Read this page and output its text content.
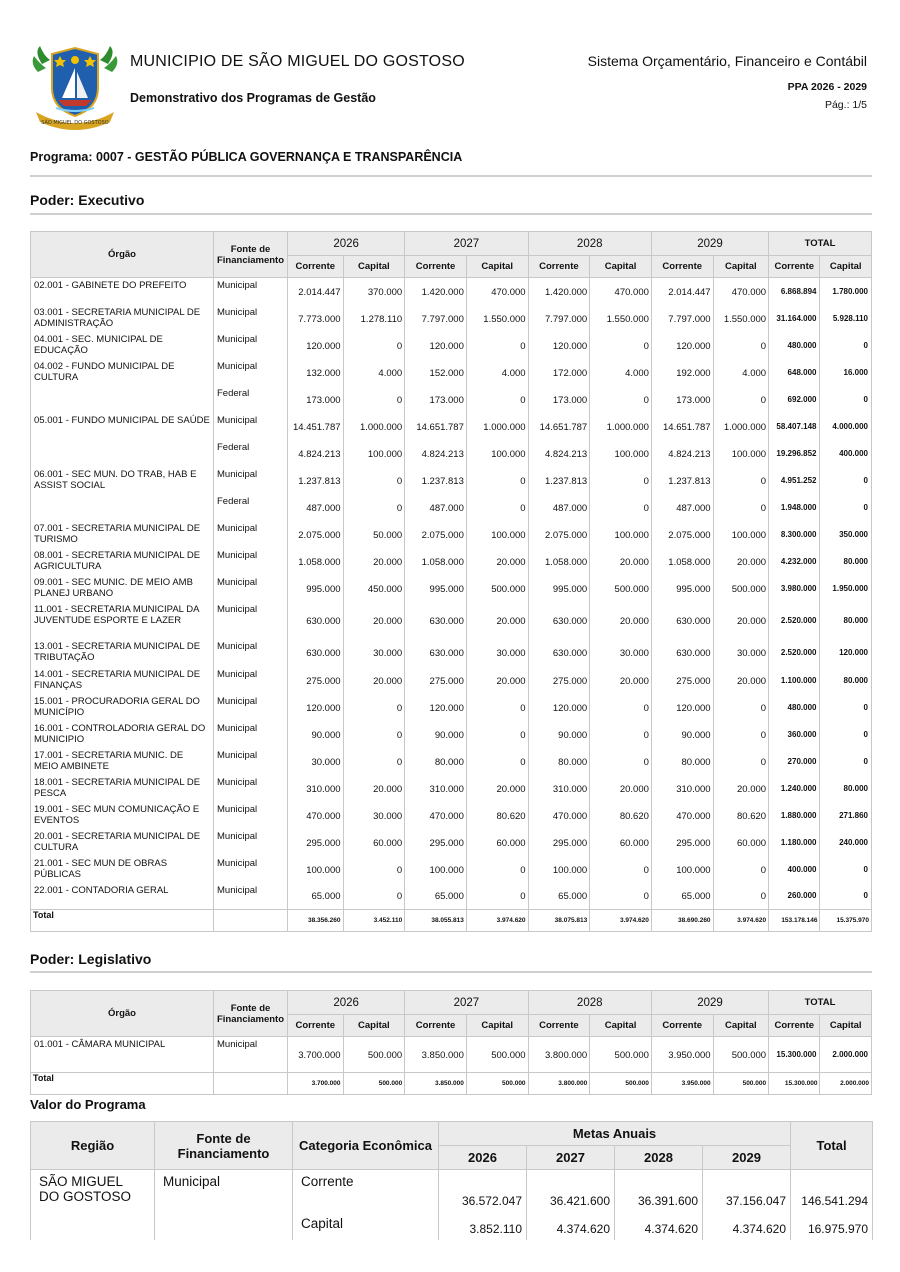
SÃO MIGUEL DO GOSTOSO
MUNICIPIO DE SÃO MIGUEL DO GOSTOSO
Demonstrativo dos Programas de Gestão
Sistema Orçamentário, Financeiro e Contábil
PPA 2026 - 2029
Pág.: 1/5
Programa: 0007 - GESTÃO PÚBLICA GOVERNANÇA E TRANSPARÊNCIA
Poder: Executivo
Órgão	Fonte de Financiamento	2026		2027		2028		2029		TOTAL	
		Corrente	Capital	Corrente	Capital	Corrente	Capital	Corrente	Capital	Corrente	Capital
02.001 - GABINETE DO PREFEITO	Municipal	2.014.447	370.000	1.420.000	470.000	1.420.000	470.000	2.014.447	470.000	6.868.894	1.780.000
03.001 - SECRETARIA MUNICIPAL DE ADMINISTRAÇÃO	Municipal	7.773.000	1.278.110	7.797.000	1.550.000	7.797.000	1.550.000	7.797.000	1.550.000	31.164.000	5.928.110
04.001 - SEC. MUNICIPAL DE EDUCAÇÃO	Municipal	120.000	0	120.000	0	120.000	0	120.000	0	480.000	0
04.002 - FUNDO MUNICIPAL DE CULTURA	Municipal	132.000	4.000	152.000	4.000	172.000	4.000	192.000	4.000	648.000	16.000
	Federal	173.000	0	173.000	0	173.000	0	173.000	0	692.000	0
05.001 - FUNDO MUNICIPAL DE SAÚDE	Municipal	14.451.787	1.000.000	14.651.787	1.000.000	14.651.787	1.000.000	14.651.787	1.000.000	58.407.148	4.000.000
	Federal	4.824.213	100.000	4.824.213	100.000	4.824.213	100.000	4.824.213	100.000	19.296.852	400.000
06.001 - SEC MUN. DO TRAB, HAB E ASSIST SOCIAL	Municipal	1.237.813	0	1.237.813	0	1.237.813	0	1.237.813	0	4.951.252	0
	Federal	487.000	0	487.000	0	487.000	0	487.000	0	1.948.000	0
07.001 - SECRETARIA MUNICIPAL DE TURISMO	Municipal	2.075.000	50.000	2.075.000	100.000	2.075.000	100.000	2.075.000	100.000	8.300.000	350.000
08.001 - SECRETARIA MUNICIPAL DE AGRICULTURA	Municipal	1.058.000	20.000	1.058.000	20.000	1.058.000	20.000	1.058.000	20.000	4.232.000	80.000
09.001 - SEC MUNIC. DE MEIO AMB PLANEJ URBANO	Municipal	995.000	450.000	995.000	500.000	995.000	500.000	995.000	500.000	3.980.000	1.950.000
11.001 - SECRETARIA MUNICIPAL DA JUVENTUDE ESPORTE E LAZER	Municipal	630.000	20.000	630.000	20.000	630.000	20.000	630.000	20.000	2.520.000	80.000
13.001 - SECRETARIA MUNICIPAL DE TRIBUTAÇÃO	Municipal	630.000	30.000	630.000	30.000	630.000	30.000	630.000	30.000	2.520.000	120.000
14.001 - SECRETARIA MUNICIPAL DE FINANÇAS	Municipal	275.000	20.000	275.000	20.000	275.000	20.000	275.000	20.000	1.100.000	80.000
15.001 - PROCURADORIA GERAL DO MUNICÍPIO	Municipal	120.000	0	120.000	0	120.000	0	120.000	0	480.000	0
16.001 - CONTROLADORIA GERAL DO MUNICIPIO	Municipal	90.000	0	90.000	0	90.000	0	90.000	0	360.000	0
17.001 - SECRETARIA MUNIC. DE MEIO AMBINETE	Municipal	30.000	0	80.000	0	80.000	0	80.000	0	270.000	0
18.001 - SECRETARIA MUNICIPAL DE PESCA	Municipal	310.000	20.000	310.000	20.000	310.000	20.000	310.000	20.000	1.240.000	80.000
19.001 - SEC MUN COMUNICAÇÃO E EVENTOS	Municipal	470.000	30.000	470.000	80.620	470.000	80.620	470.000	80.620	1.880.000	271.860
20.001 - SECRETARIA MUNICIPAL DE CULTURA	Municipal	295.000	60.000	295.000	60.000	295.000	60.000	295.000	60.000	1.180.000	240.000
21.001 - SEC MUN DE OBRAS PÚBLICAS	Municipal	100.000	0	100.000	0	100.000	0	100.000	0	400.000	0
22.001 - CONTADORIA GERAL	Municipal	65.000	0	65.000	0	65.000	0	65.000	0	260.000	0
Total		38.356.260	3.452.110	38.055.813	3.974.620	38.075.813	3.974.620	38.690.260	3.974.620	153.178.146	15.375.970
Poder: Legislativo
Órgão	Fonte de Financiamento	2026		2027		2028		2029		TOTAL	
		Corrente	Capital	Corrente	Capital	Corrente	Capital	Corrente	Capital	Corrente	Capital
01.001 - CÂMARA MUNICIPAL	Municipal	3.700.000	500.000	3.850.000	500.000	3.800.000	500.000	3.950.000	500.000	15.300.000	2.000.000
Total		3.700.000	500.000	3.850.000	500.000	3.800.000	500.000	3.950.000	500.000	15.300.000	2.000.000
Valor do Programa
Região	Fonte de Financiamento	Categoria Econômica	Metas Anuais				Total
			2026	2027	2028	2029	
SÃO MIGUEL DO GOSTOSO	Municipal	Corrente	36.572.047	36.421.600	36.391.600	37.156.047	146.541.294
		Capital	3.852.110	4.374.620	4.374.620	4.374.620	16.975.970
